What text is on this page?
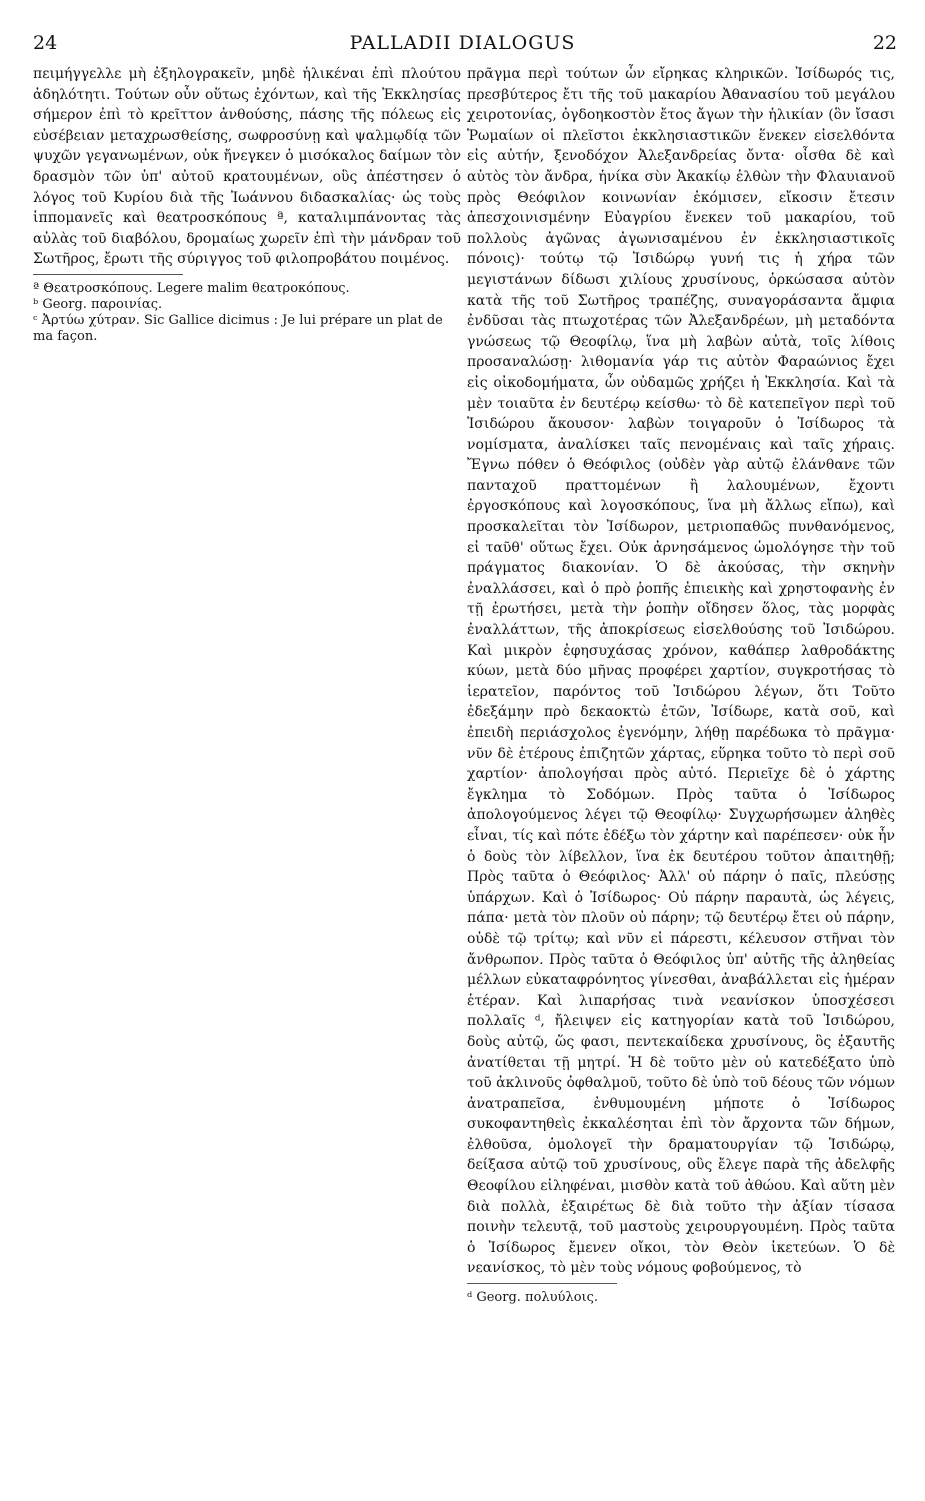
24	PALLADII DIALOGUS	22

πειμήγγελλε μὴ ἐξηλογρακεῖν, μηδὲ ἡλικέναι ἐπὶ πλούτου ἀδηλότητι. Τούτων οὖν οὕτως ἐχόντων, καὶ τῆς Ἐκκλησίας σήμερον ἐπὶ τὸ κρεῖττον ἀνθούσης, πάσης τῆς πόλεως εἰς εὐσέβειαν μεταχρωσθείσης, σωφροσύνῃ καὶ ψαλμῳδίᾳ τῶν ψυχῶν γεγανωμένων, οὐκ ἤνεγκεν ὁ μισόκαλος δαίμων τὸν δρασμὸν τῶν ὑπ' αὐτοῦ κρατουμένων, οὓς ἀπέστησεν ὁ λόγος τοῦ Κυρίου διὰ τῆς Ἰωάννου διδασκαλίας· ὡς τοὺς ἱππομανεῖς καὶ θεατροσκόπους ª, καταλιμπάνοντας τὰς αὐλὰς τοῦ διαβόλου, δρομαίως χωρεῖν ἐπὶ τὴν μάνδραν τοῦ Σωτῆρος, ἔρωτι τῆς σύριγγος τοῦ φιλοπροβάτου ποιμένος.

ª Θεατροσκόπους. Legere malim θεατροκόπους.

ᵇ Georg. παροινίας.

ᶜ Ἀρτύω χύτραν. Sic Gallice dicimus : Je lui prépare un plat de ma façon.

πρᾶγμα περὶ τούτων ὧν εἴρηκας κληρικῶν. Ἰσίδωρός τις, πρεσβύτερος ἔτι τῆς τοῦ μακαρίου Ἀθανασίου τοῦ μεγάλου χειροτονίας, ὀγδοηκοστὸν ἔτος ἄγων τὴν ἡλικίαν (ὃν ἴσασι Ῥωμαίων οἱ πλεῖστοι ἐκκλησιαστικῶν ἕνεκεν εἰσελθόντα εἰς αὐτήν, ξενοδόχον Ἀλεξανδρείας ὄντα· οἶσθα δὲ καὶ αὐτὸς τὸν ἄνδρα, ἡνίκα σὺν Ἀκακίῳ ἐλθὼν τὴν Φλαυιανοῦ πρὸς Θεόφιλον κοινωνίαν ἐκόμισεν, εἴκοσιν ἔτεσιν ἀπεσχοινισμένην Εὐαγρίου ἕνεκεν τοῦ μακαρίου, τοῦ πολλοὺς ἀγῶνας ἀγωνισαμένου ἐν ἐκκλησιαστικοῖς πόνοις)· τούτῳ τῷ Ἰσιδώρῳ γυνή τις ἡ χήρα τῶν μεγιστάνων δίδωσι χιλίους χρυσίνους, ὁρκώσασα αὐτὸν κατὰ τῆς τοῦ Σωτῆρος τραπέζης, συναγοράσαντα ἄμφια ἐνδῦσαι τὰς πτωχοτέρας τῶν Ἀλεξανδρέων, μὴ μεταδόντα γνώσεως τῷ Θεοφίλῳ, ἵνα μὴ λαβὼν αὐτὰ, τοῖς λίθοις προσαναλώσῃ· λιθομανία γάρ τις αὐτὸν Φαραώνιος ἔχει εἰς οἰκοδομήματα, ὧν οὐδαμῶς χρήζει ἡ Ἐκκλησία. Καὶ τὰ μὲν τοιαῦτα ἐν δευτέρῳ κείσθω· τὸ δὲ κατεπεῖγον περὶ τοῦ Ἰσιδώρου ἄκουσον· λαβὼν τοιγαροῦν ὁ Ἰσίδωρος τὰ νομίσματα, ἀναλίσκει ταῖς πενομέναις καὶ ταῖς χήραις. Ἔγνω πόθεν ὁ Θεόφιλος (οὐδὲν γὰρ αὐτῷ ἐλάνθανε τῶν πανταχοῦ πραττομένων ἢ λαλουμένων, ἔχοντι ἐργοσκόπους καὶ λογοσκόπους, ἵνα μὴ ἄλλως εἴπω), καὶ προσκαλεῖται τὸν Ἰσίδωρον, μετριοπαθῶς πυνθανόμενος, εἰ ταῦθ' οὕτως ἔχει. Οὐκ ἀρνησάμενος ὡμολόγησε τὴν τοῦ πράγματος διακονίαν. Ὁ δὲ ἀκούσας, τὴν σκηνὴν ἐναλλάσσει, καὶ ὁ πρὸ ῥοπῆς ἐπιεικὴς καὶ χρηστοφανὴς ἐν τῇ ἐρωτήσει, μετὰ τὴν ῥοπὴν οἴδησεν ὅλος, τὰς μορφὰς ἐναλλάττων, τῆς ἀποκρίσεως εἰσελθούσης τοῦ Ἰσιδώρου. Καὶ μικρὸν ἐφησυχάσας χρόνον, καθάπερ λαθροδάκτης κύων, μετὰ δύο μῆνας προφέρει χαρτίον, συγκροτήσας τὸ ἱερατεῖον, παρόντος τοῦ Ἰσιδώρου λέγων, ὅτι Τοῦτο ἐδεξάμην πρὸ δεκαοκτὼ ἐτῶν, Ἰσίδωρε, κατὰ σοῦ, καὶ ἐπειδὴ περιάσχολος ἐγενόμην, λήθῃ παρέδωκα τὸ πρᾶγμα· νῦν δὲ ἑτέρους ἐπιζητῶν χάρτας, εὕρηκα τοῦτο τὸ περὶ σοῦ χαρτίον· ἀπολογήσαι πρὸς αὐτό. Περιεῖχε δὲ ὁ χάρτης ἔγκλημα τὸ Σοδόμων. Πρὸς ταῦτα ὁ Ἰσίδωρος ἀπολογούμενος λέγει τῷ Θεοφίλῳ· Συγχωρήσωμεν ἀληθὲς εἶναι, τίς καὶ πότε ἐδέξω τὸν χάρτην καὶ παρέπεσεν· οὐκ ἦν ὁ δοὺς τὸν λίβελλον, ἵνα ἐκ δευτέρου τοῦτον ἀπαιτηθῇ; Πρὸς ταῦτα ὁ Θεόφιλος· Ἀλλ' οὐ πάρην ὁ παῖς, πλεύσῃς ὑπάρχων. Καὶ ὁ Ἰσίδωρος· Οὐ πάρην παραυτὰ, ὡς λέγεις, πάπα· μετὰ τὸν πλοῦν οὐ πάρην; τῷ δευτέρῳ ἔτει οὐ πάρην, οὐδὲ τῷ τρίτῳ; καὶ νῦν εἰ πάρεστι, κέλευσον στῆναι τὸν ἄνθρωπον. Πρὸς ταῦτα ὁ Θεόφιλος ὑπ' αὐτῆς τῆς ἀληθείας μέλλων εὐκαταφρόνητος γίνεσθαι, ἀναβάλλεται εἰς ἡμέραν ἑτέραν. Καὶ λιπαρήσας τινὰ νεανίσκον ὑποσχέσεσι πολλαῖς ᵈ, ἤλειψεν εἰς κατηγορίαν κατὰ τοῦ Ἰσιδώρου, δοὺς αὐτῷ, ὥς φασι, πεντεκαίδεκα χρυσίνους, ὃς ἐξαυτῆς ἀνατίθεται τῇ μητρί. Ἡ δὲ τοῦτο μὲν οὐ κατεδέξατο ὑπὸ τοῦ ἀκλινοῦς ὀφθαλμοῦ, τοῦτο δὲ ὑπὸ τοῦ δέους τῶν νόμων ἀνατραπεῖσα, ἐνθυμουμένη μήποτε ὁ Ἰσίδωρος συκοφαντηθεὶς ἐκκαλέσηται ἐπὶ τὸν ἄρχοντα τῶν δήμων, ἐλθοῦσα, ὁμολογεῖ τὴν δραματουργίαν τῷ Ἰσιδώρῳ, δείξασα αὐτῷ τοῦ χρυσίνους, οὓς ἔλεγε παρὰ τῆς ἀδελφῆς Θεοφίλου εἰληφέναι, μισθὸν κατὰ τοῦ ἀθώου. Καὶ αὕτη μὲν διὰ πολλὰ, ἐξαιρέτως δὲ διὰ τοῦτο τὴν ἀξίαν τίσασα ποινὴν τελευτᾷ, τοῦ μαστοὺς χειρουργουμένη. Πρὸς ταῦτα ὁ Ἰσίδωρος ἔμενεν οἴκοι, τὸν Θεὸν ἱκετεύων. Ὁ δὲ νεανίσκος, τὸ μὲν τοὺς νόμους φοβούμενος, τὸ

ᵈ Georg. πολυύλοις.
